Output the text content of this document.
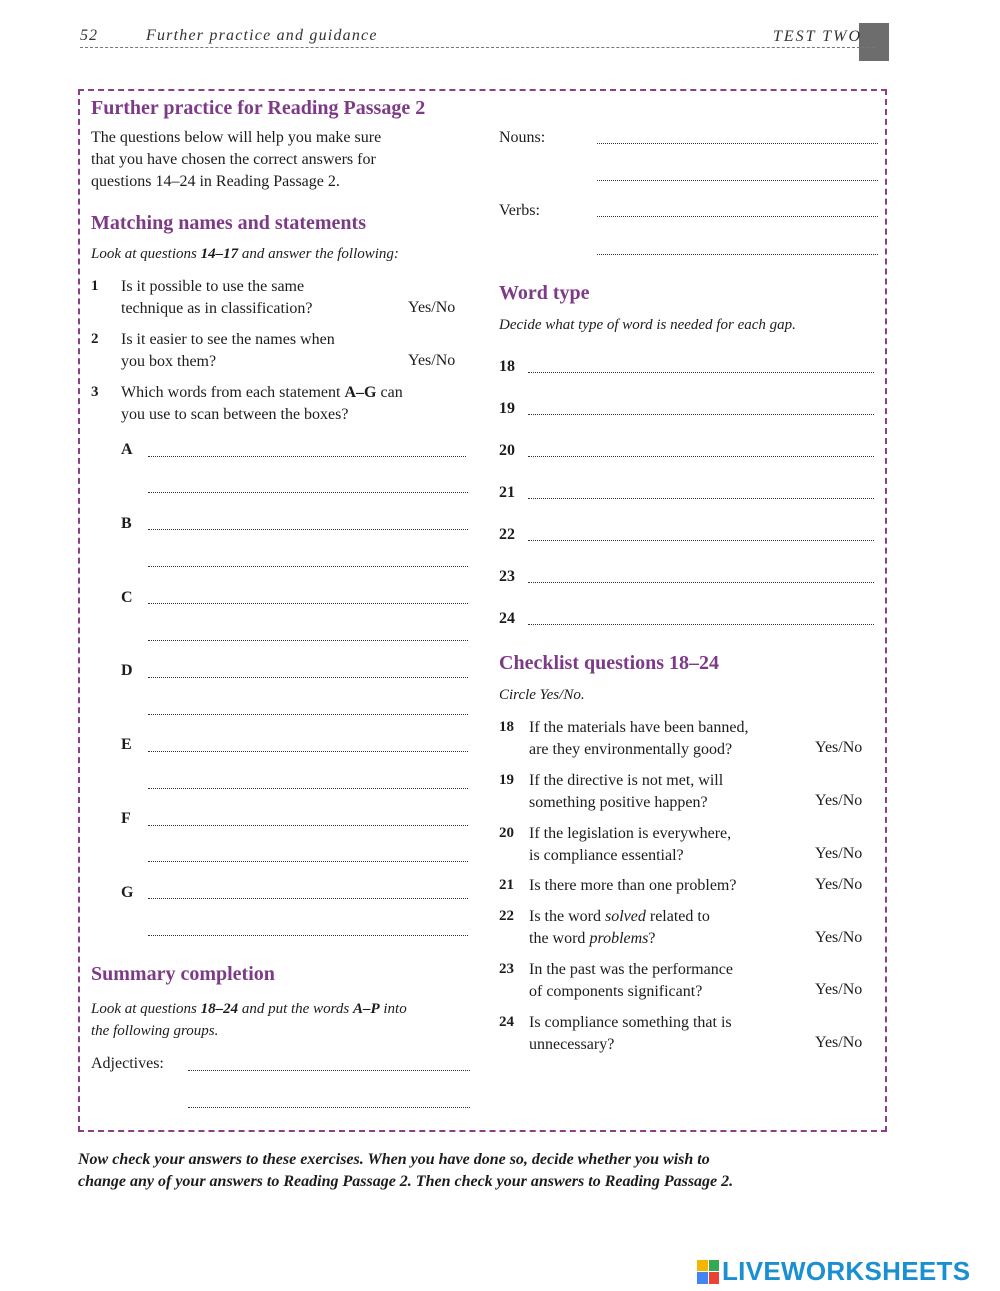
52	Further practice and guidance	TEST TWO
Further practice for Reading Passage 2
The questions below will help you make sure
that you have chosen the correct answers for
questions 14–24 in Reading Passage 2.
Matching names and statements
Look at questions 14–17 and answer the following:
1 Is it possible to use the same
technique as in classification?	Yes/No
2 Is it easier to see the names when
you box them?	Yes/No
3 Which words from each statement A–G can
you use to scan between the boxes?
A
B
C
D
E
F
G
Summary completion
Look at questions 18–24 and put the words A–P into
the following groups.
Adjectives:
Nouns:
Verbs:
Word type
Decide what type of word is needed for each gap.
18
19
20
21
22
23
24
Checklist questions 18–24
Circle Yes/No.
18 If the materials have been banned,
are they environmentally good?	Yes/No
19 If the directive is not met, will
something positive happen?	Yes/No
20 If the legislation is everywhere,
is compliance essential?	Yes/No
21 Is there more than one problem?	Yes/No
22 Is the word solved related to
the word problems?	Yes/No
23 In the past was the performance
of components significant?	Yes/No
24 Is compliance something that is
unnecessary?	Yes/No
Now check your answers to these exercises. When you have done so, decide whether you wish to
change any of your answers to Reading Passage 2. Then check your answers to Reading Passage 2.
LIVEWORKSHEETS
